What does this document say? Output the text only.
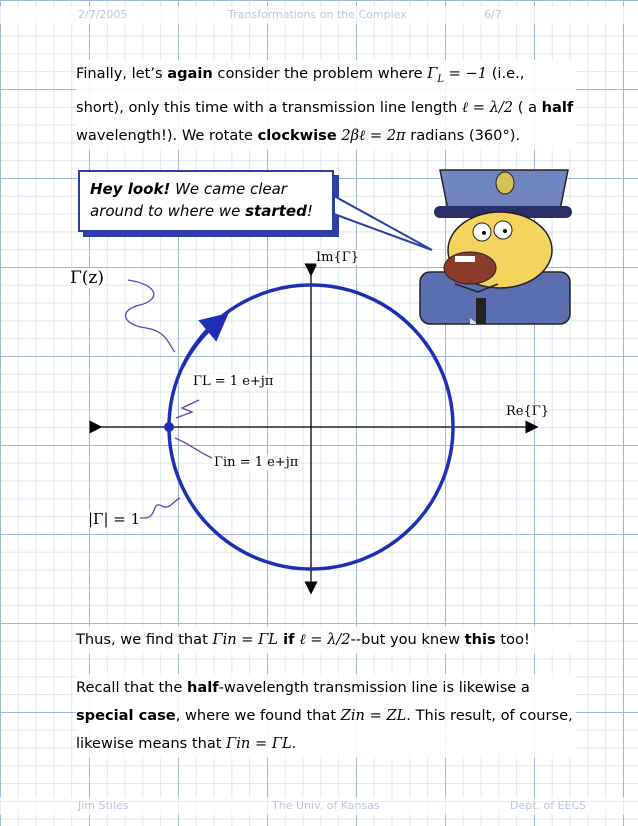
2/7/2005	Transformations on the Complex	6/7
Finally, let’s again consider the problem where $\Gamma_L = -1$ (i.e., short), only this time with a transmission line length ℓ = λ/2 ( a half wavelength!). We rotate clockwise 2βℓ = 2π radians (360°).
Hey look! We came clear around to where we started!
Im{Γ}
Re{Γ}
Γ(z)
ΓL = 1 e+jπ
Γin = 1 e+jπ
|Γ| = 1
Thus, we find that Γin = ΓL if ℓ = λ/2--but you knew this too!
Recall that the half-wavelength transmission line is likewise a special case, where we found that Zin = ZL. This result, of course, likewise means that Γin = ΓL.
Jim Stiles	The Univ. of Kansas	Dept. of EECS
